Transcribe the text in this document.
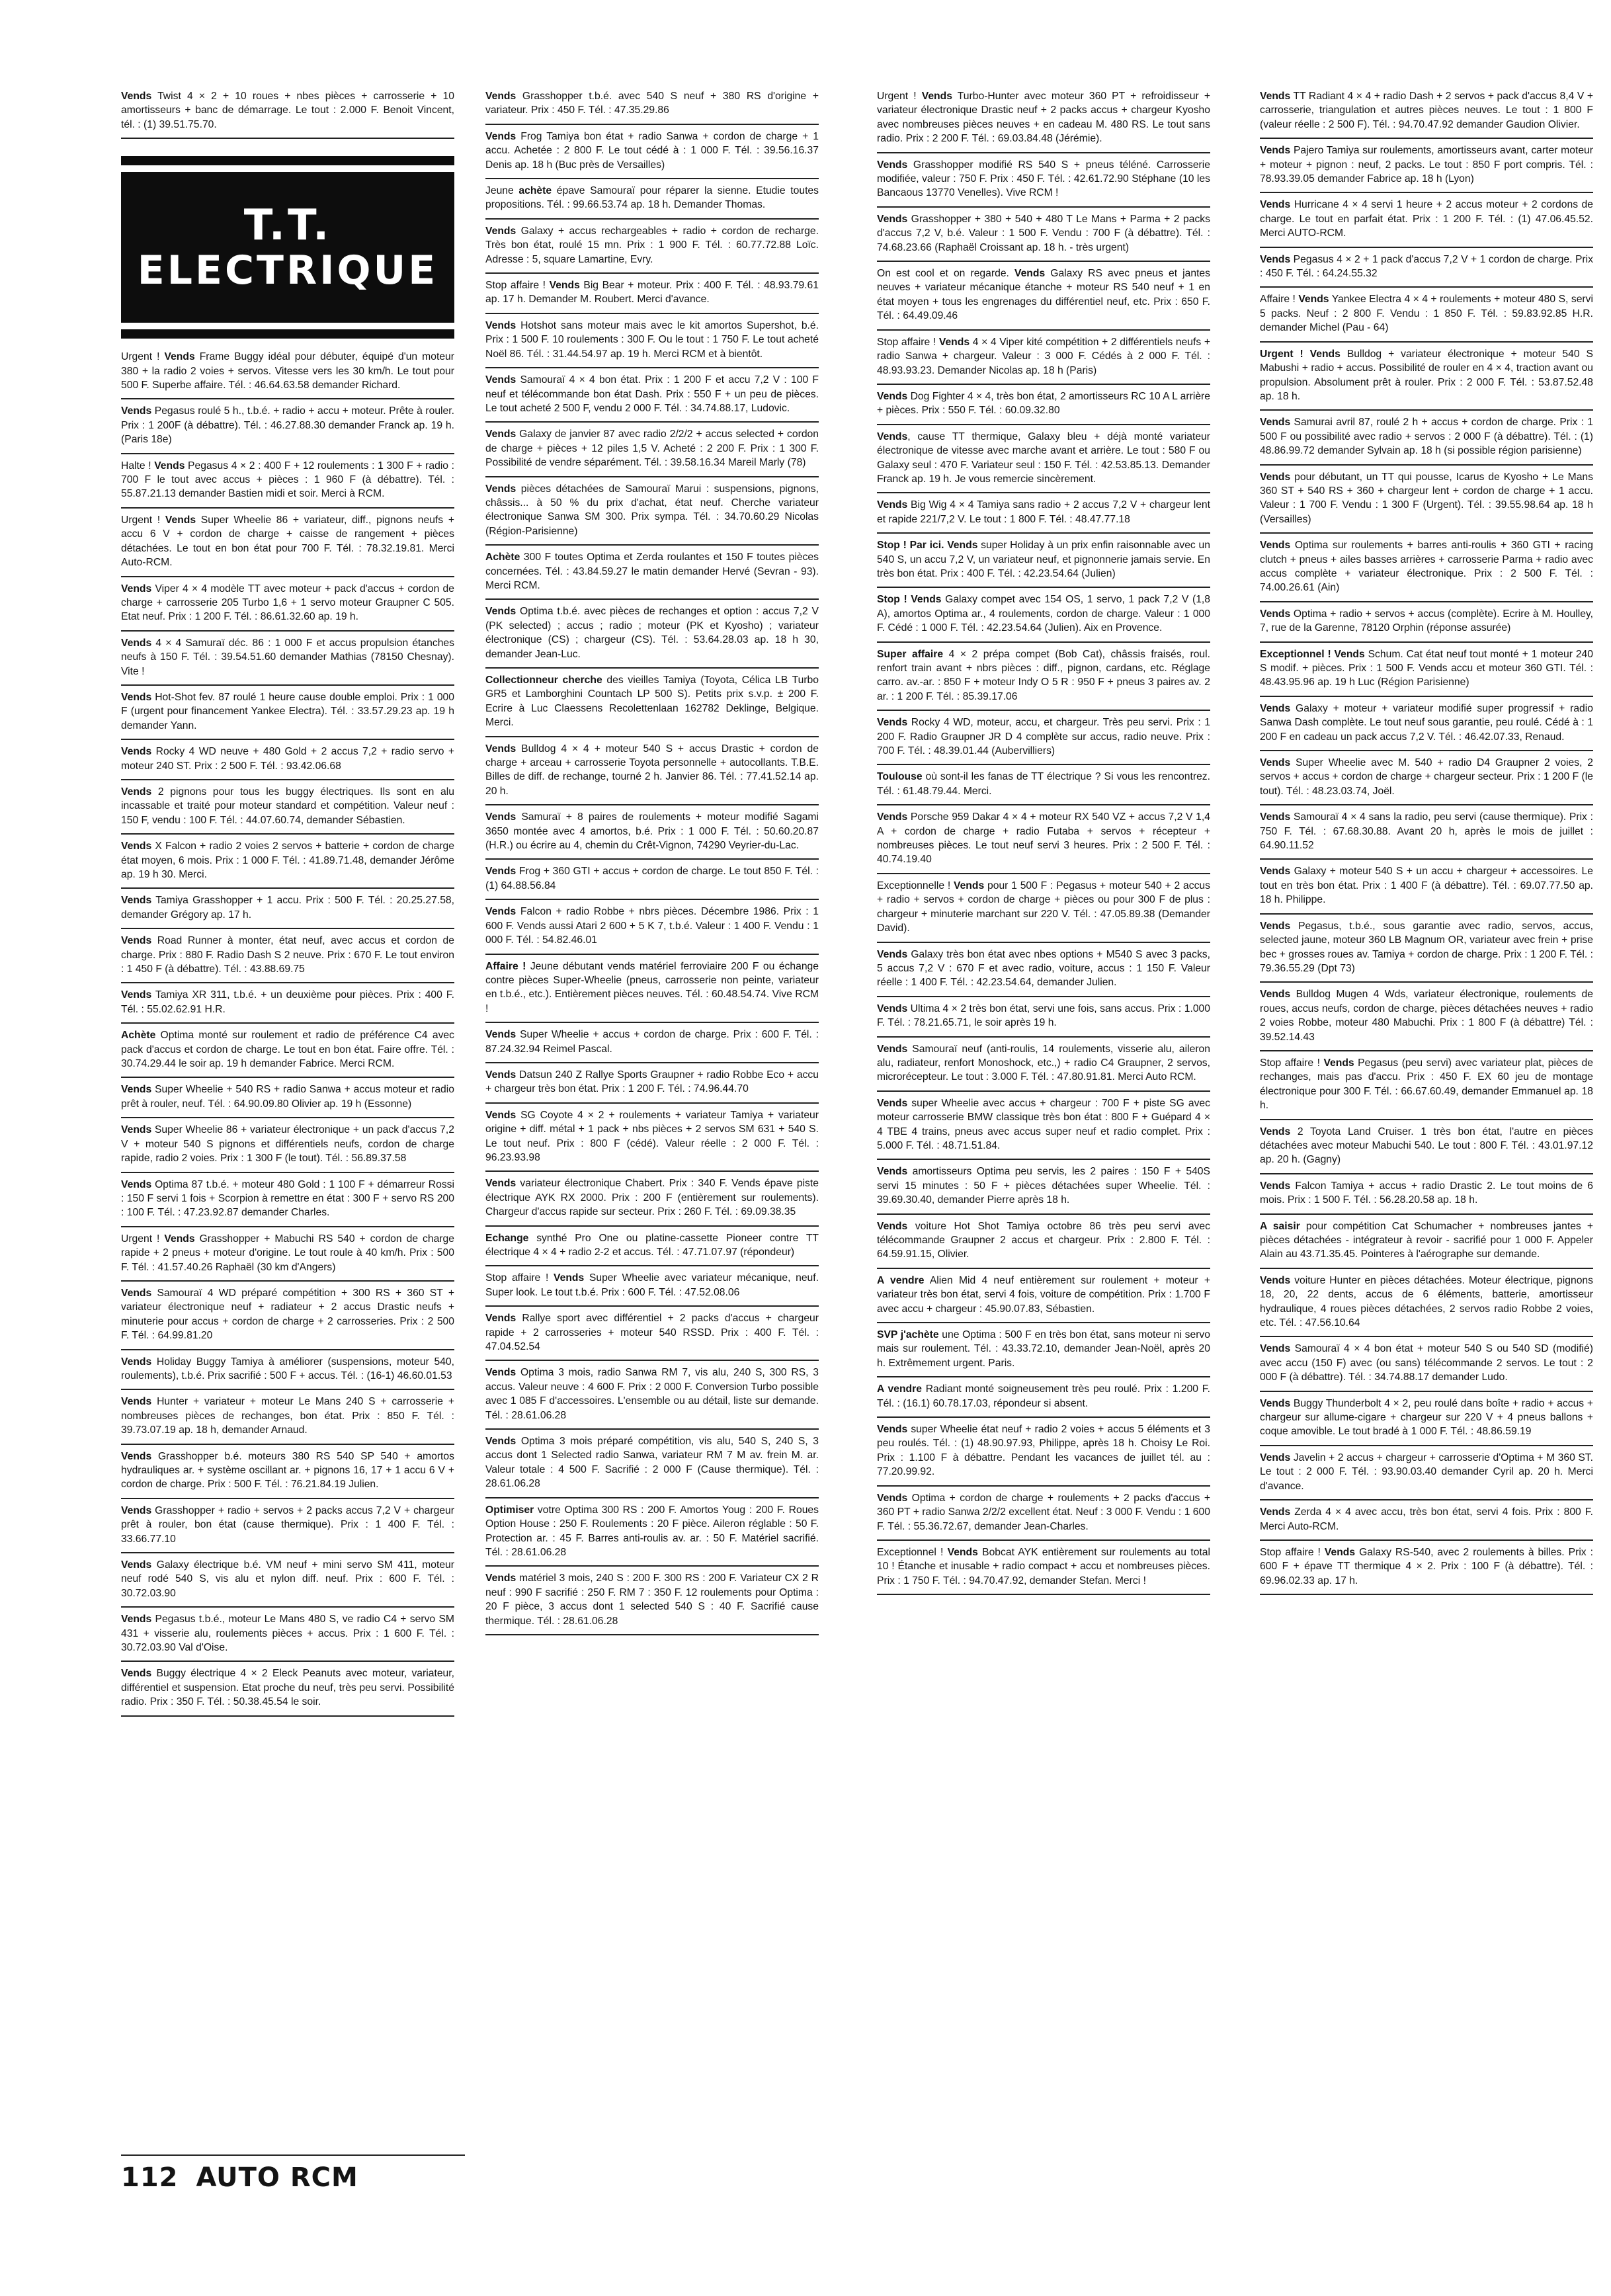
Vends Twist 4 × 2 + 10 roues + nbes pièces + carrosserie + 10 amortisseurs + banc de démarrage. Le tout : 2.000 F. Benoit Vincent, tél. : (1) 39.51.75.70.
T.T.
ELECTRIQUE
Urgent ! Vends Frame Buggy idéal pour débuter, équipé d'un moteur 380 + la radio 2 voies + servos. Vitesse vers les 30 km/h. Le tout pour 500 F. Superbe affaire. Tél. : 46.64.63.58 demander Richard.
Vends Pegasus roulé 5 h., t.b.é. + radio + accu + moteur. Prête à rouler. Prix : 1 200F (à débattre). Tél. : 46.27.88.30 demander Franck ap. 19 h. (Paris 18e)
Halte ! Vends Pegasus 4 × 2 : 400 F + 12 roulements : 1 300 F + radio : 700 F le tout avec accus + pièces : 1 960 F (à débattre). Tél. : 55.87.21.13 demander Bastien midi et soir. Merci à RCM.
Urgent ! Vends Super Wheelie 86 + variateur, diff., pignons neufs + accu 6 V + cordon de charge + caisse de rangement + pièces détachées. Le tout en bon état pour 700 F. Tél. : 78.32.19.81. Merci Auto-RCM.
Vends Viper 4 × 4 modèle TT avec moteur + pack d'accus + cordon de charge + carrosserie 205 Turbo 1,6 + 1 servo moteur Graupner C 505. Etat neuf. Prix : 1 200 F. Tél. : 86.61.32.60 ap. 19 h.
Vends 4 × 4 Samuraï déc. 86 : 1 000 F et accus propulsion étanches neufs à 150 F. Tél. : 39.54.51.60 demander Mathias (78150 Chesnay). Vite !
Vends Hot-Shot fev. 87 roulé 1 heure cause double emploi. Prix : 1 000 F (urgent pour financement Yankee Electra). Tél. : 33.57.29.23 ap. 19 h demander Yann.
Vends Rocky 4 WD neuve + 480 Gold + 2 accus 7,2 + radio servo + moteur 240 ST. Prix : 2 500 F. Tél. : 93.42.06.68
Vends 2 pignons pour tous les buggy électriques. Ils sont en alu incassable et traité pour moteur standard et compétition. Valeur neuf : 150 F, vendu : 100 F. Tél. : 44.07.60.74, demander Sébastien.
Vends X Falcon + radio 2 voies 2 servos + batterie + cordon de charge état moyen, 6 mois. Prix : 1 000 F. Tél. : 41.89.71.48, demander Jérôme ap. 19 h 30. Merci.
Vends Tamiya Grasshopper + 1 accu. Prix : 500 F. Tél. : 20.25.27.58, demander Grégory ap. 17 h.
Vends Road Runner à monter, état neuf, avec accus et cordon de charge. Prix : 880 F. Radio Dash S 2 neuve. Prix : 670 F. Le tout environ : 1 450 F (à débattre). Tél. : 43.88.69.75
Vends Tamiya XR 311, t.b.é. + un deuxième pour pièces. Prix : 400 F. Tél. : 55.02.62.91 H.R.
Achète Optima monté sur roulement et radio de préférence C4 avec pack d'accus et cordon de charge. Le tout en bon état. Faire offre. Tél. : 30.74.29.44 le soir ap. 19 h demander Fabrice. Merci RCM.
Vends Super Wheelie + 540 RS + radio Sanwa + accus moteur et radio prêt à rouler, neuf. Tél. : 64.90.09.80 Olivier ap. 19 h (Essonne)
Vends Super Wheelie 86 + variateur électronique + un pack d'accus 7,2 V + moteur 540 S pignons et différentiels neufs, cordon de charge rapide, radio 2 voies. Prix : 1 300 F (le tout). Tél. : 56.89.37.58
Vends Optima 87 t.b.é. + moteur 480 Gold : 1 100 F + démarreur Rossi : 150 F servi 1 fois + Scorpion à remettre en état : 300 F + servo RS 200 : 100 F. Tél. : 47.23.92.87 demander Charles.
Urgent ! Vends Grasshopper + Mabuchi RS 540 + cordon de charge rapide + 2 pneus + moteur d'origine. Le tout roule à 40 km/h. Prix : 500 F. Tél. : 41.57.40.26 Raphaël (30 km d'Angers)
Vends Samouraï 4 WD préparé compétition + 300 RS + 360 ST + variateur électronique neuf + radiateur + 2 accus Drastic neufs + minuterie pour accus + cordon de charge + 2 carrosseries. Prix : 2 500 F. Tél. : 64.99.81.20
Vends Holiday Buggy Tamiya à améliorer (suspensions, moteur 540, roulements), t.b.é. Prix sacrifié : 500 F + accus. Tél. : (16-1) 46.60.01.53
Vends Hunter + variateur + moteur Le Mans 240 S + carrosserie + nombreuses pièces de rechanges, bon état. Prix : 850 F. Tél. : 39.73.07.19 ap. 18 h, demander Arnaud.
Vends Grasshopper b.é. moteurs 380 RS 540 SP 540 + amortos hydrauliques ar. + système oscillant ar. + pignons 16, 17 + 1 accu 6 V + cordon de charge. Prix : 500 F. Tél. : 76.21.84.19 Julien.
Vends Grasshopper + radio + servos + 2 packs accus 7,2 V + chargeur prêt à rouler, bon état (cause thermique). Prix : 1 400 F. Tél. : 33.66.77.10
Vends Galaxy électrique b.é. VM neuf + mini servo SM 411, moteur neuf rodé 540 S, vis alu et nylon diff. neuf. Prix : 600 F. Tél. : 30.72.03.90
Vends Pegasus t.b.é., moteur Le Mans 480 S, ve radio C4 + servo SM 431 + visserie alu, roulements pièces + accus. Prix : 1 600 F. Tél. : 30.72.03.90 Val d'Oise.
Vends Buggy électrique 4 × 2 Eleck Peanuts avec moteur, variateur, différentiel et suspension. Etat proche du neuf, très peu servi. Possibilité radio. Prix : 350 F. Tél. : 50.38.45.54 le soir.
Vends Grasshopper t.b.é. avec 540 S neuf + 380 RS d'origine + variateur. Prix : 450 F. Tél. : 47.35.29.86
Vends Frog Tamiya bon état + radio Sanwa + cordon de charge + 1 accu. Achetée : 2 800 F. Le tout cédé à : 1 000 F. Tél. : 39.56.16.37 Denis ap. 18 h (Buc près de Versailles)
Jeune achète épave Samouraï pour réparer la sienne. Etudie toutes propositions. Tél. : 99.66.53.74 ap. 18 h. Demander Thomas.
Vends Galaxy + accus rechargeables + radio + cordon de recharge. Très bon état, roulé 15 mn. Prix : 1 900 F. Tél. : 60.77.72.88 Loïc. Adresse : 5, square Lamartine, Evry.
Stop affaire ! Vends Big Bear + moteur. Prix : 400 F. Tél. : 48.93.79.61 ap. 17 h. Demander M. Roubert. Merci d'avance.
Vends Hotshot sans moteur mais avec le kit amortos Supershot, b.é. Prix : 1 500 F. 10 roulements : 300 F. Ou le tout : 1 750 F. Le tout acheté Noël 86. Tél. : 31.44.54.97 ap. 19 h. Merci RCM et à bientôt.
Vends Samouraï 4 × 4 bon état. Prix : 1 200 F et accu 7,2 V : 100 F neuf et télécommande bon état Dash. Prix : 550 F + un peu de pièces. Le tout acheté 2 500 F, vendu 2 000 F. Tél. : 34.74.88.17, Ludovic.
Vends Galaxy de janvier 87 avec radio 2/2/2 + accus selected + cordon de charge + pièces + 12 piles 1,5 V. Acheté : 2 200 F. Prix : 1 300 F. Possibilité de vendre séparément. Tél. : 39.58.16.34 Mareil Marly (78)
Vends pièces détachées de Samouraï Marui : suspensions, pignons, châssis... à 50 % du prix d'achat, état neuf. Cherche variateur électronique Sanwa SM 300. Prix sympa. Tél. : 34.70.60.29 Nicolas (Région-Parisienne)
Achète 300 F toutes Optima et Zerda roulantes et 150 F toutes pièces concernées. Tél. : 43.84.59.27 le matin demander Hervé (Sevran - 93). Merci RCM.
Vends Optima t.b.é. avec pièces de rechanges et option : accus 7,2 V (PK selected) ; accus ; radio ; moteur (PK et Kyosho) ; variateur électronique (CS) ; chargeur (CS). Tél. : 53.64.28.03 ap. 18 h 30, demander Jean-Luc.
Collectionneur cherche des vieilles Tamiya (Toyota, Célica LB Turbo GR5 et Lamborghini Countach LP 500 S). Petits prix s.v.p. ± 200 F. Ecrire à Luc Claessens Recolettenlaan 162782 Deklinge, Belgique. Merci.
Vends Bulldog 4 × 4 + moteur 540 S + accus Drastic + cordon de charge + arceau + carrosserie Toyota personnelle + autocollants. T.B.E. Billes de diff. de rechange, tourné 2 h. Janvier 86. Tél. : 77.41.52.14 ap. 20 h.
Vends Samuraï + 8 paires de roulements + moteur modifié Sagami 3650 montée avec 4 amortos, b.é. Prix : 1 000 F. Tél. : 50.60.20.87 (H.R.) ou écrire au 4, chemin du Crêt-Vignon, 74290 Veyrier-du-Lac.
Vends Frog + 360 GTI + accus + cordon de charge. Le tout 850 F. Tél. : (1) 64.88.56.84
Vends Falcon + radio Robbe + nbrs pièces. Décembre 1986. Prix : 1 600 F. Vends aussi Atari 2 600 + 5 K 7, t.b.é. Valeur : 1 400 F. Vendu : 1 000 F. Tél. : 54.82.46.01
Affaire ! Jeune débutant vends matériel ferroviaire 200 F ou échange contre pièces Super-Wheelie (pneus, carrosserie non peinte, variateur en t.b.é., etc.). Entièrement pièces neuves. Tél. : 60.48.54.74. Vive RCM !
Vends Super Wheelie + accus + cordon de charge. Prix : 600 F. Tél. : 87.24.32.94 Reimel Pascal.
Vends Datsun 240 Z Rallye Sports Graupner + radio Robbe Eco + accu + chargeur très bon état. Prix : 1 200 F. Tél. : 74.96.44.70
Vends SG Coyote 4 × 2 + roulements + variateur Tamiya + variateur origine + diff. métal + 1 pack + nbs pièces + 2 servos SM 631 + 540 S. Le tout neuf. Prix : 800 F (cédé). Valeur réelle : 2 000 F. Tél. : 96.23.93.98
Vends variateur électronique Chabert. Prix : 340 F. Vends épave piste électrique AYK RX 2000. Prix : 200 F (entièrement sur roulements). Chargeur d'accus rapide sur secteur. Prix : 260 F. Tél. : 69.09.38.35
Echange synthé Pro One ou platine-cassette Pioneer contre TT électrique 4 × 4 + radio 2-2 et accus. Tél. : 47.71.07.97 (répondeur)
Stop affaire ! Vends Super Wheelie avec variateur mécanique, neuf. Super look. Le tout t.b.é. Prix : 600 F. Tél. : 47.52.08.06
Vends Rallye sport avec différentiel + 2 packs d'accus + chargeur rapide + 2 carrosseries + moteur 540 RSSD. Prix : 400 F. Tél. : 47.04.52.54
Vends Optima 3 mois, radio Sanwa RM 7, vis alu, 240 S, 300 RS, 3 accus. Valeur neuve : 4 600 F. Prix : 2 000 F. Conversion Turbo possible avec 1 085 F d'accessoires. L'ensemble ou au détail, liste sur demande. Tél. : 28.61.06.28
Vends Optima 3 mois préparé compétition, vis alu, 540 S, 240 S, 3 accus dont 1 Selected radio Sanwa, variateur RM 7 M av. frein M. ar. Valeur totale : 4 500 F. Sacrifié : 2 000 F (Cause thermique). Tél. : 28.61.06.28
Optimiser votre Optima 300 RS : 200 F. Amortos Youg : 200 F. Roues Option House : 250 F. Roulements : 20 F pièce. Aileron réglable : 50 F. Protection ar. : 45 F. Barres anti-roulis av. ar. : 50 F. Matériel sacrifié. Tél. : 28.61.06.28
Vends matériel 3 mois, 240 S : 200 F. 300 RS : 200 F. Variateur CX 2 R neuf : 990 F sacrifié : 250 F. RM 7 : 350 F. 12 roulements pour Optima : 20 F pièce, 3 accus dont 1 selected 540 S : 40 F. Sacrifié cause thermique. Tél. : 28.61.06.28
Urgent ! Vends Turbo-Hunter avec moteur 360 PT + refroidisseur + variateur électronique Drastic neuf + 2 packs accus + chargeur Kyosho avec nombreuses pièces neuves + en cadeau M. 480 RS. Le tout sans radio. Prix : 2 200 F. Tél. : 69.03.84.48 (Jérémie).
Vends Grasshopper modifié RS 540 S + pneus téléné. Carrosserie modifiée, valeur : 750 F. Prix : 450 F. Tél. : 42.61.72.90 Stéphane (10 les Bancaous 13770 Venelles). Vive RCM !
Vends Grasshopper + 380 + 540 + 480 T Le Mans + Parma + 2 packs d'accus 7,2 V, b.é. Valeur : 1 500 F. Vendu : 700 F (à débattre). Tél. : 74.68.23.66 (Raphaël Croissant ap. 18 h. - très urgent)
On est cool et on regarde. Vends Galaxy RS avec pneus et jantes neuves + variateur mécanique étanche + moteur RS 540 neuf + 1 en état moyen + tous les engrenages du différentiel neuf, etc. Prix : 650 F. Tél. : 64.49.09.46
Stop affaire ! Vends 4 × 4 Viper kité compétition + 2 différentiels neufs + radio Sanwa + chargeur. Valeur : 3 000 F. Cédés à 2 000 F. Tél. : 48.93.93.23. Demander Nicolas ap. 18 h (Paris)
Vends Dog Fighter 4 × 4, très bon état, 2 amortisseurs RC 10 A L arrière + pièces. Prix : 550 F. Tél. : 60.09.32.80
Vends, cause TT thermique, Galaxy bleu + déjà monté variateur électronique de vitesse avec marche avant et arrière. Le tout : 580 F ou Galaxy seul : 470 F. Variateur seul : 150 F. Tél. : 42.53.85.13. Demander Franck ap. 19 h. Je vous remercie sincèrement.
Vends Big Wig 4 × 4 Tamiya sans radio + 2 accus 7,2 V + chargeur lent et rapide 221/7,2 V. Le tout : 1 800 F. Tél. : 48.47.77.18
Stop ! Par ici. Vends super Holiday à un prix enfin raisonnable avec un 540 S, un accu 7,2 V, un variateur neuf, et pignonnerie jamais servie. En très bon état. Prix : 400 F. Tél. : 42.23.54.64 (Julien)
Stop ! Vends Galaxy compet avec 154 OS, 1 servo, 1 pack 7,2 V (1,8 A), amortos Optima ar., 4 roulements, cordon de charge. Valeur : 1 000 F. Cédé : 1 000 F. Tél. : 42.23.54.64 (Julien). Aix en Provence.
Super affaire 4 × 2 prépa compet (Bob Cat), châssis fraisés, roul. renfort train avant + nbrs pièces : diff., pignon, cardans, etc. Réglage carro. av.-ar. : 850 F + moteur Indy O 5 R : 950 F + pneus 3 paires av. 2 ar. : 1 200 F. Tél. : 85.39.17.06
Vends Rocky 4 WD, moteur, accu, et chargeur. Très peu servi. Prix : 1 200 F. Radio Graupner JR D 4 complète sur accus, radio neuve. Prix : 700 F. Tél. : 48.39.01.44 (Aubervilliers)
Toulouse où sont-il les fanas de TT électrique ? Si vous les rencontrez. Tél. : 61.48.79.44. Merci.
Vends Porsche 959 Dakar 4 × 4 + moteur RX 540 VZ + accus 7,2 V 1,4 A + cordon de charge + radio Futaba + servos + récepteur + nombreuses pièces. Le tout neuf servi 3 heures. Prix : 2 500 F. Tél. : 40.74.19.40
Exceptionnelle ! Vends pour 1 500 F : Pegasus + moteur 540 + 2 accus + radio + servos + cordon de charge + pièces ou pour 300 F de plus : chargeur + minuterie marchant sur 220 V. Tél. : 47.05.89.38 (Demander David).
Vends Galaxy très bon état avec nbes options + M540 S avec 3 packs, 5 accus 7,2 V : 670 F et avec radio, voiture, accus : 1 150 F. Valeur réelle : 1 400 F. Tél. : 42.23.54.64, demander Julien.
Vends Ultima 4 × 2 très bon état, servi une fois, sans accus. Prix : 1.000 F. Tél. : 78.21.65.71, le soir après 19 h.
Vends Samouraï neuf (anti-roulis, 14 roulements, visserie alu, aileron alu, radiateur, renfort Monoshock, etc.,) + radio C4 Graupner, 2 servos, microrécepteur. Le tout : 3.000 F. Tél. : 47.80.91.81. Merci Auto RCM.
Vends super Wheelie avec accus + chargeur : 700 F + piste SG avec moteur carrosserie BMW classique très bon état : 800 F + Guépard 4 × 4 TBE 4 trains, pneus avec accus super neuf et radio complet. Prix : 5.000 F. Tél. : 48.71.51.84.
Vends amortisseurs Optima peu servis, les 2 paires : 150 F + 540S servi 15 minutes : 50 F + pièces détachées super Wheelie. Tél. : 39.69.30.40, demander Pierre après 18 h.
Vends voiture Hot Shot Tamiya octobre 86 très peu servi avec télécommande Graupner 2 accus et chargeur. Prix : 2.800 F. Tél. : 64.59.91.15, Olivier.
A vendre Alien Mid 4 neuf entièrement sur roulement + moteur + variateur très bon état, servi 4 fois, voiture de compétition. Prix : 1.700 F avec accu + chargeur : 45.90.07.83, Sébastien.
SVP j'achète une Optima : 500 F en très bon état, sans moteur ni servo mais sur roulement. Tél. : 43.33.72.10, demander Jean-Noël, après 20 h. Extrêmement urgent. Paris.
A vendre Radiant monté soigneusement très peu roulé. Prix : 1.200 F. Tél. : (16.1) 60.78.17.03, répondeur si absent.
Vends super Wheelie état neuf + radio 2 voies + accus 5 éléments et 3 peu roulés. Tél. : (1) 48.90.97.93, Philippe, après 18 h. Choisy Le Roi. Prix : 1.100 F à débattre. Pendant les vacances de juillet tél. au : 77.20.99.92.
Vends Optima + cordon de charge + roulements + 2 packs d'accus + 360 PT + radio Sanwa 2/2/2 excellent état. Neuf : 3 000 F. Vendu : 1 600 F. Tél. : 55.36.72.67, demander Jean-Charles.
Exceptionnel ! Vends Bobcat AYK entièrement sur roulements au total 10 ! Étanche et inusable + radio compact + accu et nombreuses pièces. Prix : 1 750 F. Tél. : 94.70.47.92, demander Stefan. Merci !
Vends TT Radiant 4 × 4 + radio Dash + 2 servos + pack d'accus 8,4 V + carrosserie, triangulation et autres pièces neuves. Le tout : 1 800 F (valeur réelle : 2 500 F). Tél. : 94.70.47.92 demander Gaudion Olivier.
Vends Pajero Tamiya sur roulements, amortisseurs avant, carter moteur + moteur + pignon : neuf, 2 packs. Le tout : 850 F port compris. Tél. : 78.93.39.05 demander Fabrice ap. 18 h (Lyon)
Vends Hurricane 4 × 4 servi 1 heure + 2 accus moteur + 2 cordons de charge. Le tout en parfait état. Prix : 1 200 F. Tél. : (1) 47.06.45.52. Merci AUTO-RCM.
Vends Pegasus 4 × 2 + 1 pack d'accus 7,2 V + 1 cordon de charge. Prix : 450 F. Tél. : 64.24.55.32
Affaire ! Vends Yankee Electra 4 × 4 + roulements + moteur 480 S, servi 5 packs. Neuf : 2 800 F. Vendu : 1 850 F. Tél. : 59.83.92.85 H.R. demander Michel (Pau - 64)
Urgent ! Vends Bulldog + variateur électronique + moteur 540 S Mabushi + radio + accus. Possibilité de rouler en 4 × 4, traction avant ou propulsion. Absolument prêt à rouler. Prix : 2 000 F. Tél. : 53.87.52.48 ap. 18 h.
Vends Samurai avril 87, roulé 2 h + accus + cordon de charge. Prix : 1 500 F ou possibilité avec radio + servos : 2 000 F (à débattre). Tél. : (1) 48.86.99.72 demander Sylvain ap. 18 h (si possible région parisienne)
Vends pour débutant, un TT qui pousse, Icarus de Kyosho + Le Mans 360 ST + 540 RS + 360 + chargeur lent + cordon de charge + 1 accu. Valeur : 1 700 F. Vendu : 1 300 F (Urgent). Tél. : 39.55.98.64 ap. 18 h (Versailles)
Vends Optima sur roulements + barres anti-roulis + 360 GTI + racing clutch + pneus + ailes basses arrières + carrosserie Parma + radio avec accus complète + variateur électronique. Prix : 2 500 F. Tél. : 74.00.26.61 (Ain)
Vends Optima + radio + servos + accus (complète). Ecrire à M. Houlley, 7, rue de la Garenne, 78120 Orphin (réponse assurée)
Exceptionnel ! Vends Schum. Cat état neuf tout monté + 1 moteur 240 S modif. + pièces. Prix : 1 500 F. Vends accu et moteur 360 GTI. Tél. : 48.43.95.96 ap. 19 h Luc (Région Parisienne)
Vends Galaxy + moteur + variateur modifié super progressif + radio Sanwa Dash complète. Le tout neuf sous garantie, peu roulé. Cédé à : 1 200 F en cadeau un pack accus 7,2 V. Tél. : 46.42.07.33, Renaud.
Vends Super Wheelie avec M. 540 + radio D4 Graupner 2 voies, 2 servos + accus + cordon de charge + chargeur secteur. Prix : 1 200 F (le tout). Tél. : 48.23.03.74, Joël.
Vends Samouraï 4 × 4 sans la radio, peu servi (cause thermique). Prix : 750 F. Tél. : 67.68.30.88. Avant 20 h, après le mois de juillet : 64.90.11.52
Vends Galaxy + moteur 540 S + un accu + chargeur + accessoires. Le tout en très bon état. Prix : 1 400 F (à débattre). Tél. : 69.07.77.50 ap. 18 h. Philippe.
Vends Pegasus, t.b.é., sous garantie avec radio, servos, accus, selected jaune, moteur 360 LB Magnum OR, variateur avec frein + prise bec + grosses roues av. Tamiya + cordon de charge. Prix : 1 200 F. Tél. : 79.36.55.29 (Dpt 73)
Vends Bulldog Mugen 4 Wds, variateur électronique, roulements de roues, accus neufs, cordon de charge, pièces détachées neuves + radio 2 voies Robbe, moteur 480 Mabuchi. Prix : 1 800 F (à débattre) Tél. : 39.52.14.43
Stop affaire ! Vends Pegasus (peu servi) avec variateur plat, pièces de rechanges, mais pas d'accu. Prix : 450 F. EX 60 jeu de montage électronique pour 300 F. Tél. : 66.67.60.49, demander Emmanuel ap. 18 h.
Vends 2 Toyota Land Cruiser. 1 très bon état, l'autre en pièces détachées avec moteur Mabuchi 540. Le tout : 800 F. Tél. : 43.01.97.12 ap. 20 h. (Gagny)
Vends Falcon Tamiya + accus + radio Drastic 2. Le tout moins de 6 mois. Prix : 1 500 F. Tél. : 56.28.20.58 ap. 18 h.
A saisir pour compétition Cat Schumacher + nombreuses jantes + pièces détachées - intégrateur à revoir - sacrifié pour 1 000 F. Appeler Alain au 43.71.35.45. Pointeres à l'aérographe sur demande.
Vends voiture Hunter en pièces détachées. Moteur électrique, pignons 18, 20, 22 dents, accus de 6 éléments, batterie, amortisseur hydraulique, 4 roues pièces détachées, 2 servos radio Robbe 2 voies, etc. Tél. : 47.56.10.64
Vends Samouraï 4 × 4 bon état + moteur 540 S ou 540 SD (modifié) avec accu (150 F) avec (ou sans) télécommande 2 servos. Le tout : 2 000 F (à débattre). Tél. : 34.74.88.17 demander Ludo.
Vends Buggy Thunderbolt 4 × 2, peu roulé dans boîte + radio + accus + chargeur sur allume-cigare + chargeur sur 220 V + 4 pneus ballons + coque amovible. Le tout bradé à 1 000 F. Tél. : 48.86.59.19
Vends Javelin + 2 accus + chargeur + carrosserie d'Optima + M 360 ST. Le tout : 2 000 F. Tél. : 93.90.03.40 demander Cyril ap. 20 h. Merci d'avance.
Vends Zerda 4 × 4 avec accu, très bon état, servi 4 fois. Prix : 800 F. Merci Auto-RCM.
Stop affaire ! Vends Galaxy RS-540, avec 2 roulements à billes. Prix : 600 F + épave TT thermique 4 × 2. Prix : 100 F (à débattre). Tél. : 69.96.02.33 ap. 17 h.
112 AUTO RCM
